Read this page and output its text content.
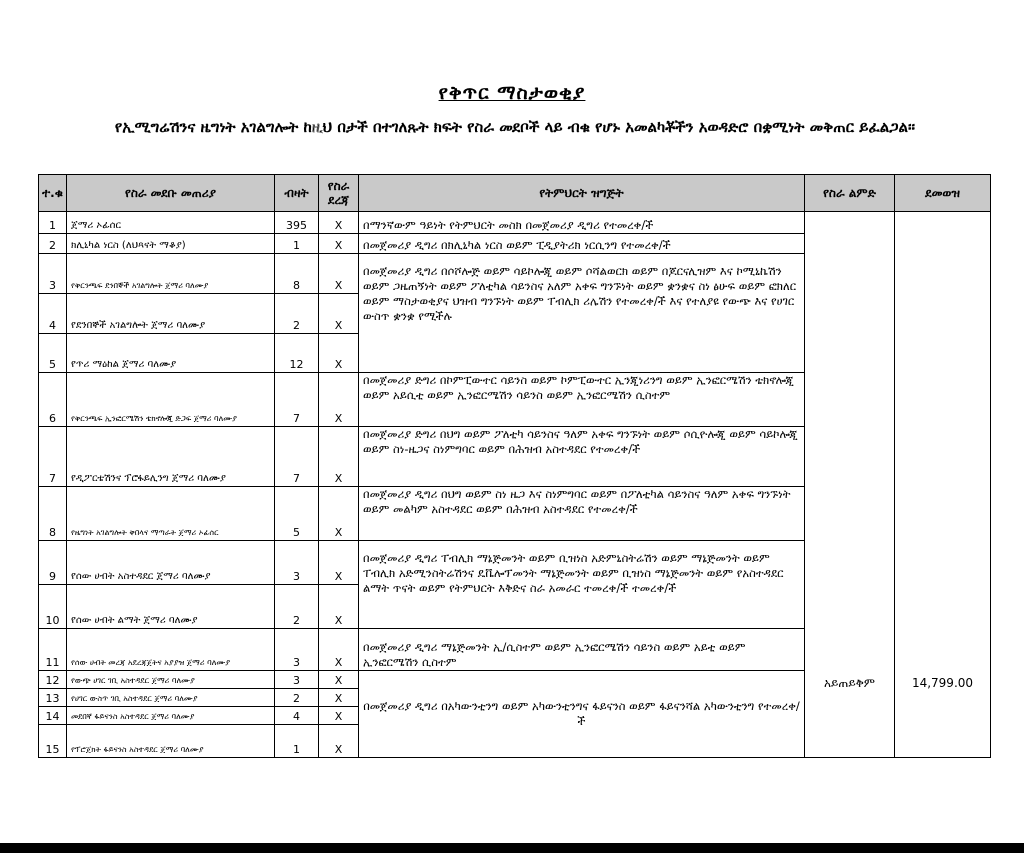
የቅጥር ማስታወቂያ
የኢሚግሬሽንና ዜግነት አገልግሎት ከዚህ በታች በተገለጹት ክፍት የስራ መደቦች ላይ ብቁ የሆኑ አመልካቾችን አወዳድሮ በቋሚነት መቅጠር ይፈልጋል፡፡
ተ.ቁ	የስራ መደቡ መጠሪያ	ብዛት	የስራ ደረጃ	የትምህርት ዝግጅት	የስራ ልምድ	ደመወዝ
1	ጀማሪ ኦፊሰር	395	X	በማንኛውም ዓይነት የትምህርት መስክ በመጀመሪያ ዲግሪ የተመረቀ/ች	አይጠይቅም	14,799.00
2	ክሊኒካል ነርስ (ለህጻናት ማቆያ)	1	X	በመጀመሪያ ዲግሪ በክሊኒካል ነርስ ወይም ፒዲያትሪክ ነርሲንግ የተመረቀ/ች		
3	የቅርንጫፍ ደንበኞች አገልግሎት ጀማሪ ባለሙያ	8	X	በመጀመሪያ ዲግሪ በሶሾሎጅ ወይም ሳይኮሎጂ ወይም ሶሻልወርክ ወይም በጆርናሊዝም እና ኮሚኒኬሽን ወይም ጋዜጠኝነት ወይም ፖለቲካል ሳይንስና አለም አቀፍ ግንኙነት ወይም ቋንቋና ስነ ፅሁፍ ወይም ፎክለር ወይም ማስታወቂያና ህዝብ ግንኙነት ወይም ፐብሊክ ሪሌሽን የተመረቀ/ች እና የተለያዩ የውጭ እና የሀገር ውስጥ ቋንቋ የሚችሉ		
4	የደንበኞች አገልግሎት ጀማሪ ባለሙያ	2	X			
5	የጥሪ ማዕከል ጀማሪ ባለሙያ	12	X			
6	የቅርንጫፍ ኢንፎርሜሽን ቴክኖሎጂ ድጋፍ ጀማሪ ባለሙያ	7	X	በመጀመሪያ ድግሪ በኮምፒውተር ሳይንስ ወይም ኮምፒውተር ኢንጂነሪንግ ወይም ኢንፎርሜሽን ቴክኖሎጂ ወይም አይሲቲ ወይም ኢንፎርሜሽን ሳይንስ ወይም ኢንፎርሜሽን ሲስተም		
7	የዲፖርቴሽንና ፕሮፋይሊንግ ጀማሪ ባለሙያ	7	X	በመጀመሪያ ድግሪ በህግ ወይም ፖለቲካ ሳይንስና ዓለም አቀፍ ግንኙነት ወይም ሶሲዮሎጂ ወይም ሳይኮሎጂ ወይም ስነ-ዜጋና ስነምግባር ወይም በሕዝብ አስተዳደር የተመረቀ/ች		
8	የዜግነት አገልግሎት ቅበላና ማጣራት ጀማሪ ኦፊሰር	5	X	በመጀመሪያ ዲግሪ በህግ ወይም ስነ ዜጋ እና ስነምግባር ወይም በፖለቲካል ሳይንስና ዓለም አቀፍ ግንኙነት ወይም መልካም አስተዳደር ወይም በሕዝብ አስተዳደር የተመረቀ/ች		
9	የሰው ሀብት አስተዳደር ጀማሪ ባለሙያ	3	X	በመጀመሪያ ዲግሪ ፐብሊክ ማኔጅመንት ወይም ቢዝነስ አድምኒስትሬሽን ወይም ማኔጅመንት ወይም ፐብሊክ አድሚንስትሬሽንና ዴቬሎፕመንት ማኔጅመንት ወይም ቢዝነስ ማኔጅመንት ወይም የአስተዳደር ልማት ጥናት ወይም የትምህርት እቅድና ስራ አመራር ተመረቀ/ች ተመረቀ/ች		
10	የሰው ሀብት ልማት ጀማሪ ባለሙያ	2	X			
11	የሰው ሀብት መረጃ አደረጃጀትና አያያዝ ጀማሪ ባለሙያ	3	X	በመጀመሪያ ዲግሪ ማኔጅመንት ኢ/ሲስተም ወይም ኢንፎርሜሽን ሳይንስ ወይም አይቲ ወይም ኢንፎርሜሽን ሲስተም		
12	የውጭ ሀገር ገቢ አስተዳደር ጀማሪ ባለሙያ	3	X	በመጀመሪያ ዲግሪ በአካውንቲንግ ወይም አካውንቲንግና ፋይናንስ ወይም ፋይናንሻል አካውንቲንግ የተመረቀ/ች		
13	የሀገር ውስጥ ገቢ አስተዳደር ጀማሪ ባለሙያ	2	X			
14	መደበኛ ፋይናንስ አስተዳደር ጀማሪ ባለሙያ	4	X			
15	የፕሮጀክት ፋይናንስ አስተዳደር ጀማሪ ባለሙያ	1	X			
